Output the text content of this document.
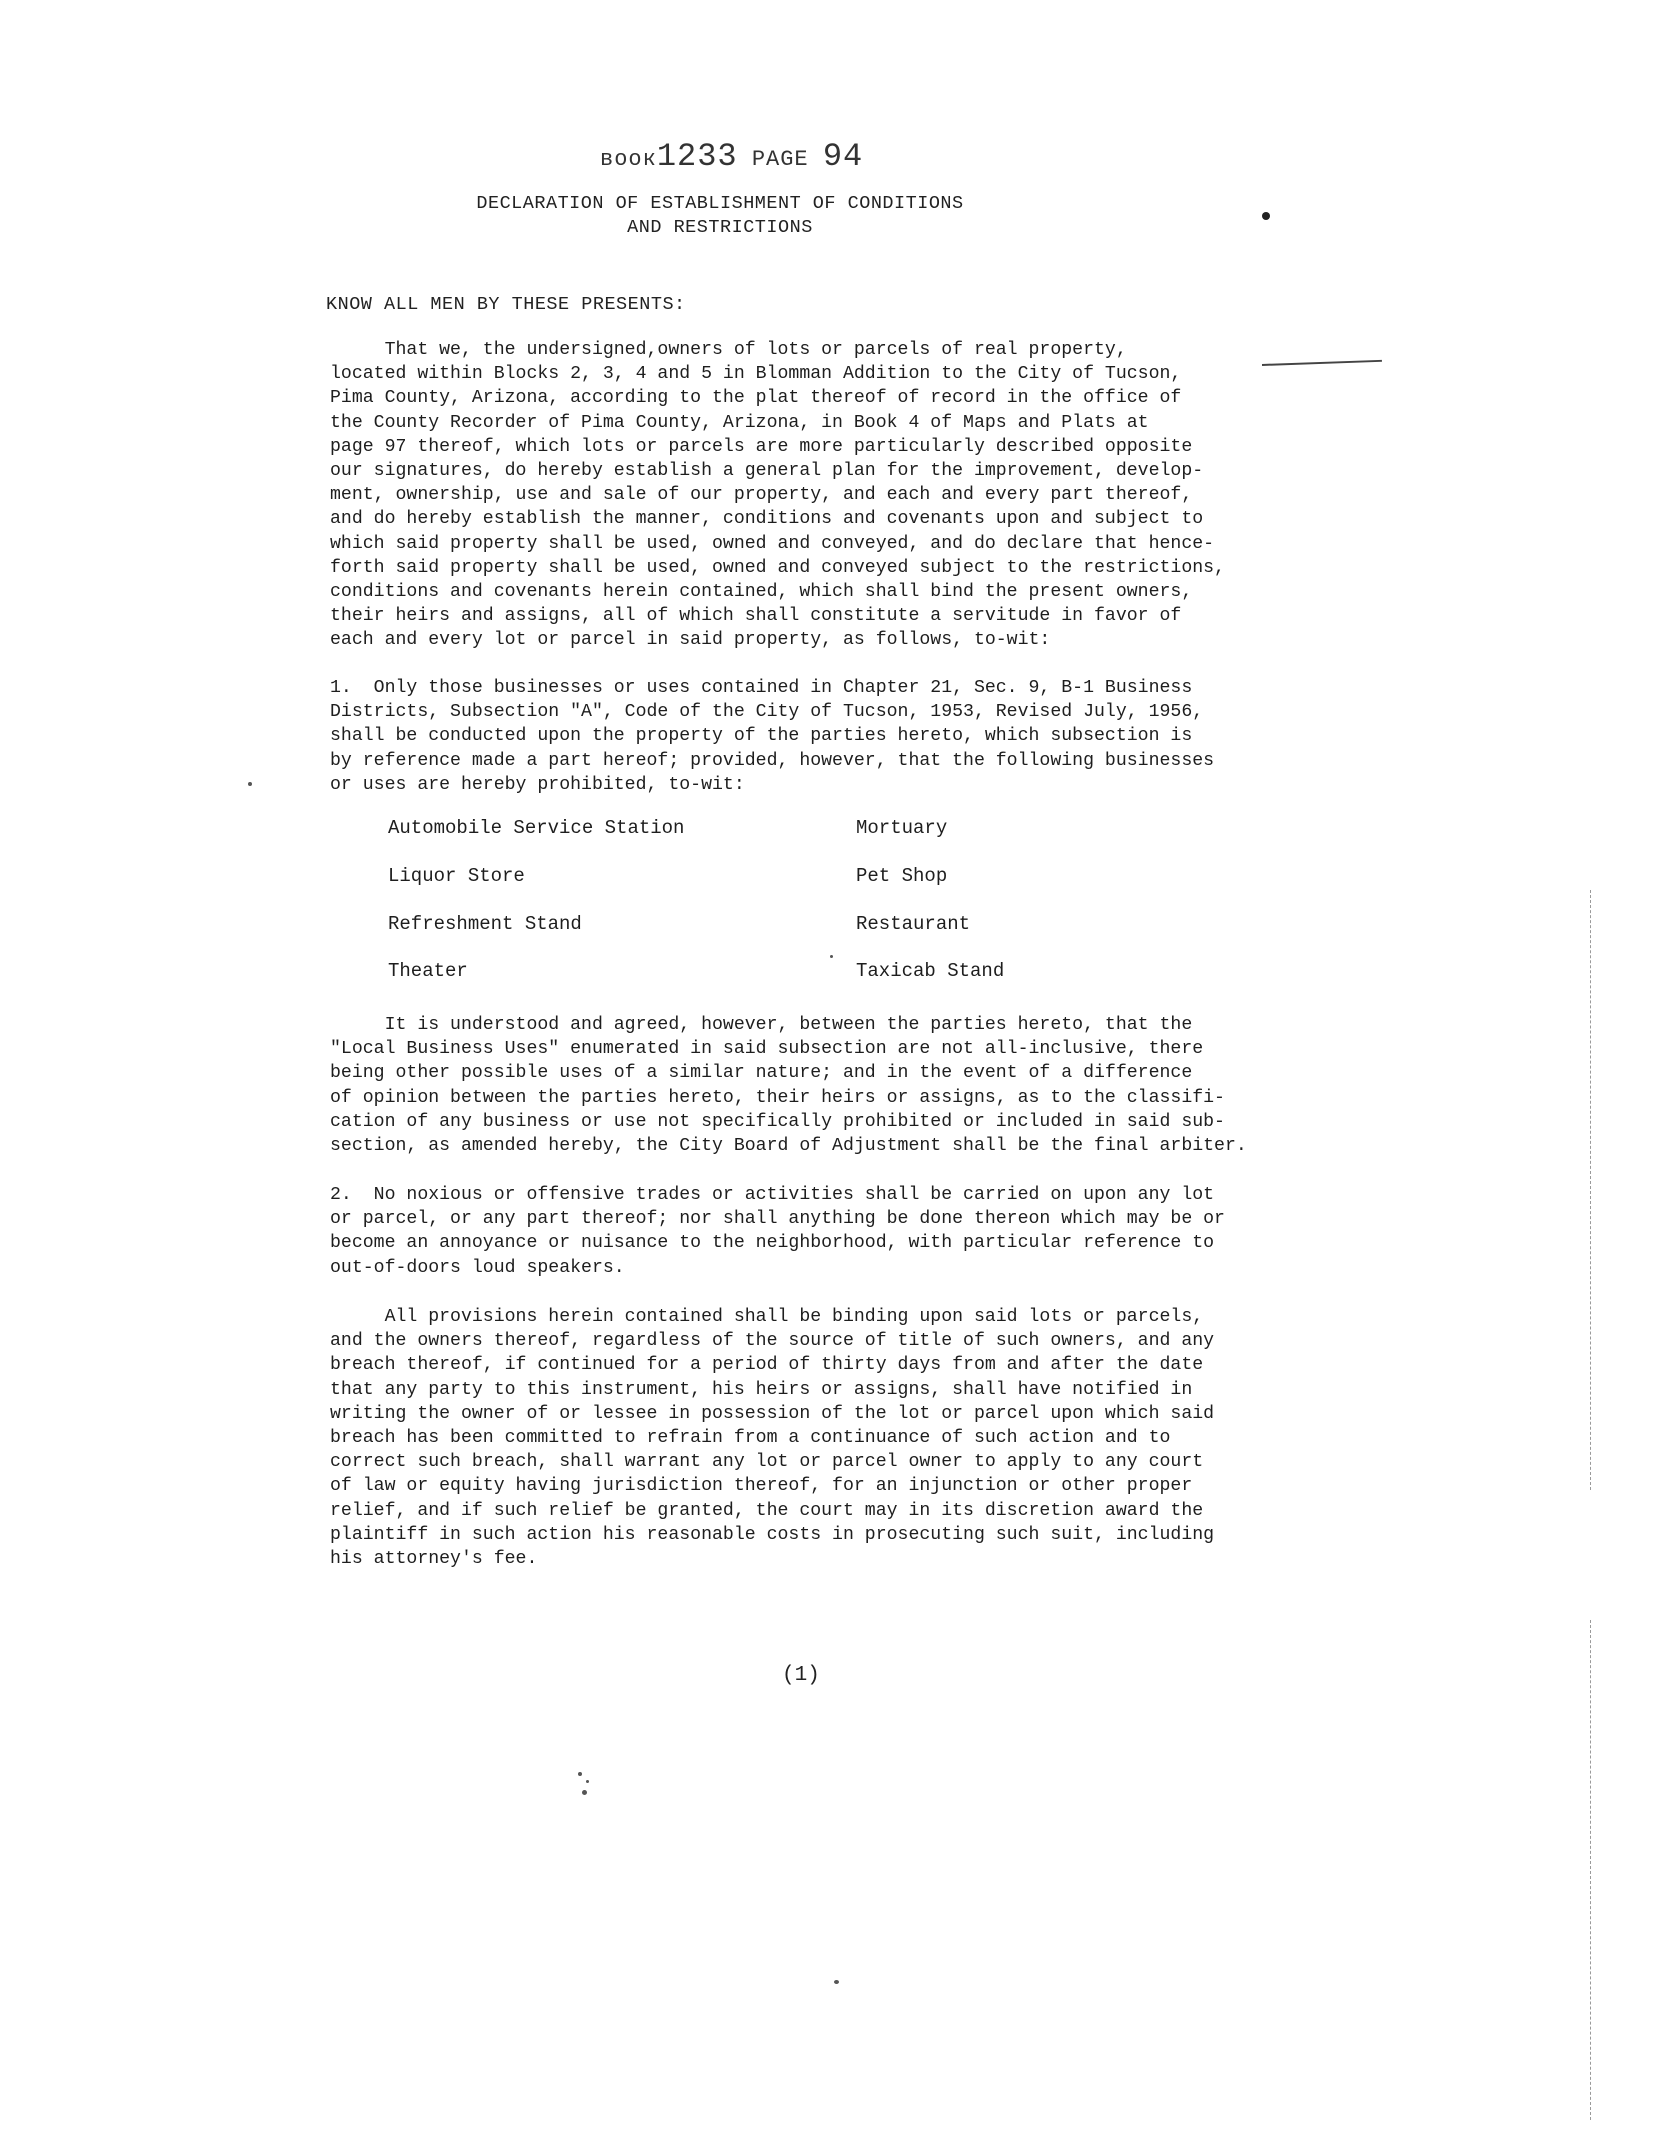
воок1233 PAGE 94
DECLARATION OF ESTABLISHMENT OF CONDITIONS
AND RESTRICTIONS
KNOW ALL MEN BY THESE PRESENTS:
That we, the undersigned,owners of lots or parcels of real property,
located within Blocks 2, 3, 4 and 5 in Blomman Addition to the City of Tucson,
Pima County, Arizona, according to the plat thereof of record in the office of
the County Recorder of Pima County, Arizona, in Book 4 of Maps and Plats at
page 97 thereof, which lots or parcels are more particularly described opposite
our signatures, do hereby establish a general plan for the improvement, develop-
ment, ownership, use and sale of our property, and each and every part thereof,
and do hereby establish the manner, conditions and covenants upon and subject to
which said property shall be used, owned and conveyed, and do declare that hence-
forth said property shall be used, owned and conveyed subject to the restrictions,
conditions and covenants herein contained, which shall bind the present owners,
their heirs and assigns, all of which shall constitute a servitude in favor of
each and every lot or parcel in said property, as follows, to-wit:
1.  Only those businesses or uses contained in Chapter 21, Sec. 9, B-1 Business
Districts, Subsection "A", Code of the City of Tucson, 1953, Revised July, 1956,
shall be conducted upon the property of the parties hereto, which subsection is
by reference made a part hereof; provided, however, that the following businesses
or uses are hereby prohibited, to-wit:
Automobile Service Station
Liquor Store
Refreshment Stand
Theater
Mortuary
Pet Shop
Restaurant
Taxicab Stand
It is understood and agreed, however, between the parties hereto, that the
"Local Business Uses" enumerated in said subsection are not all-inclusive, there
being other possible uses of a similar nature; and in the event of a difference
of opinion between the parties hereto, their heirs or assigns, as to the classifi-
cation of any business or use not specifically prohibited or included in said sub-
section, as amended hereby, the City Board of Adjustment shall be the final arbiter.
2.  No noxious or offensive trades or activities shall be carried on upon any lot
or parcel, or any part thereof; nor shall anything be done thereon which may be or
become an annoyance or nuisance to the neighborhood, with particular reference to
out-of-doors loud speakers.
All provisions herein contained shall be binding upon said lots or parcels,
and the owners thereof, regardless of the source of title of such owners, and any
breach thereof, if continued for a period of thirty days from and after the date
that any party to this instrument, his heirs or assigns, shall have notified in
writing the owner of or lessee in possession of the lot or parcel upon which said
breach has been committed to refrain from a continuance of such action and to
correct such breach, shall warrant any lot or parcel owner to apply to any court
of law or equity having jurisdiction thereof, for an injunction or other proper
relief, and if such relief be granted, the court may in its discretion award the
plaintiff in such action his reasonable costs in prosecuting such suit, including
his attorney's fee.
(1)
